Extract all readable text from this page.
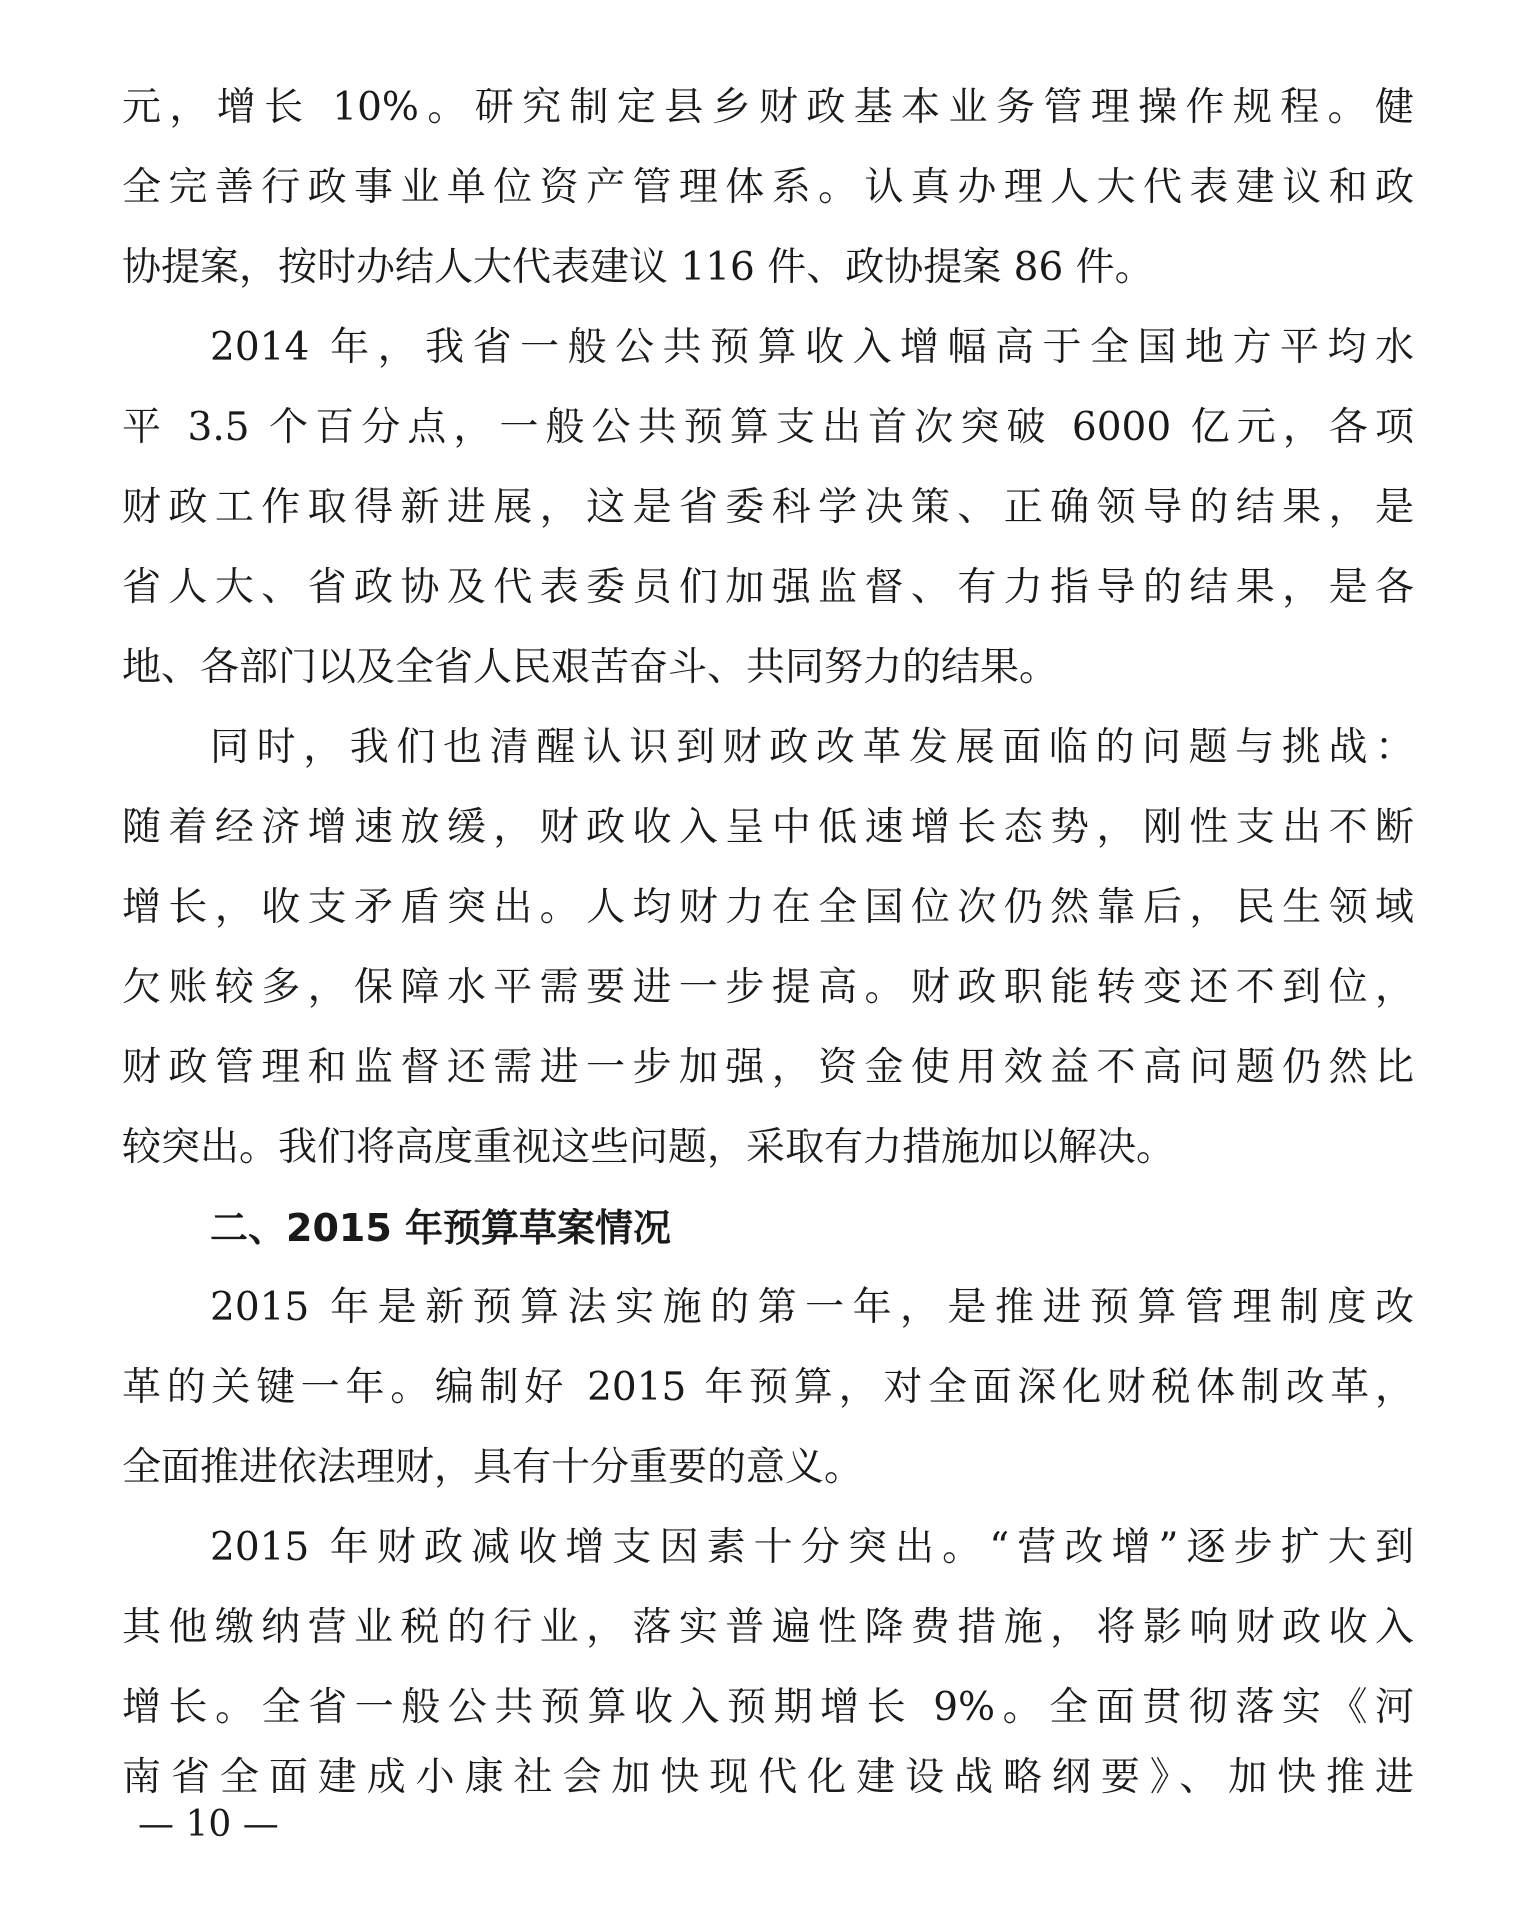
元，增长 10%。研究制定县乡财政基本业务管理操作规程。健
全完善行政事业单位资产管理体系。认真办理人大代表建议和政
协提案，按时办结人大代表建议 116 件、政协提案 86 件。
2014 年，我省一般公共预算收入增幅高于全国地方平均水
平 3.5 个百分点，一般公共预算支出首次突破 6000 亿元，各项
财政工作取得新进展，这是省委科学决策、正确领导的结果，是
省人大、省政协及代表委员们加强监督、有力指导的结果，是各
地、各部门以及全省人民艰苦奋斗、共同努力的结果。
同时，我们也清醒认识到财政改革发展面临的问题与挑战：
随着经济增速放缓，财政收入呈中低速增长态势，刚性支出不断
增长，收支矛盾突出。人均财力在全国位次仍然靠后，民生领域
欠账较多，保障水平需要进一步提高。财政职能转变还不到位，
财政管理和监督还需进一步加强，资金使用效益不高问题仍然比
较突出。我们将高度重视这些问题，采取有力措施加以解决。
二、2015 年预算草案情况
2015 年是新预算法实施的第一年，是推进预算管理制度改
革的关键一年。编制好 2015 年预算，对全面深化财税体制改革，
全面推进依法理财，具有十分重要的意义。
2015 年财政减收增支因素十分突出。“营改增”逐步扩大到
其他缴纳营业税的行业，落实普遍性降费措施，将影响财政收入
增长。全省一般公共预算收入预期增长 9%。全面贯彻落实《河
南省全面建成小康社会加快现代化建设战略纲要》、加快推进
— 10 —
